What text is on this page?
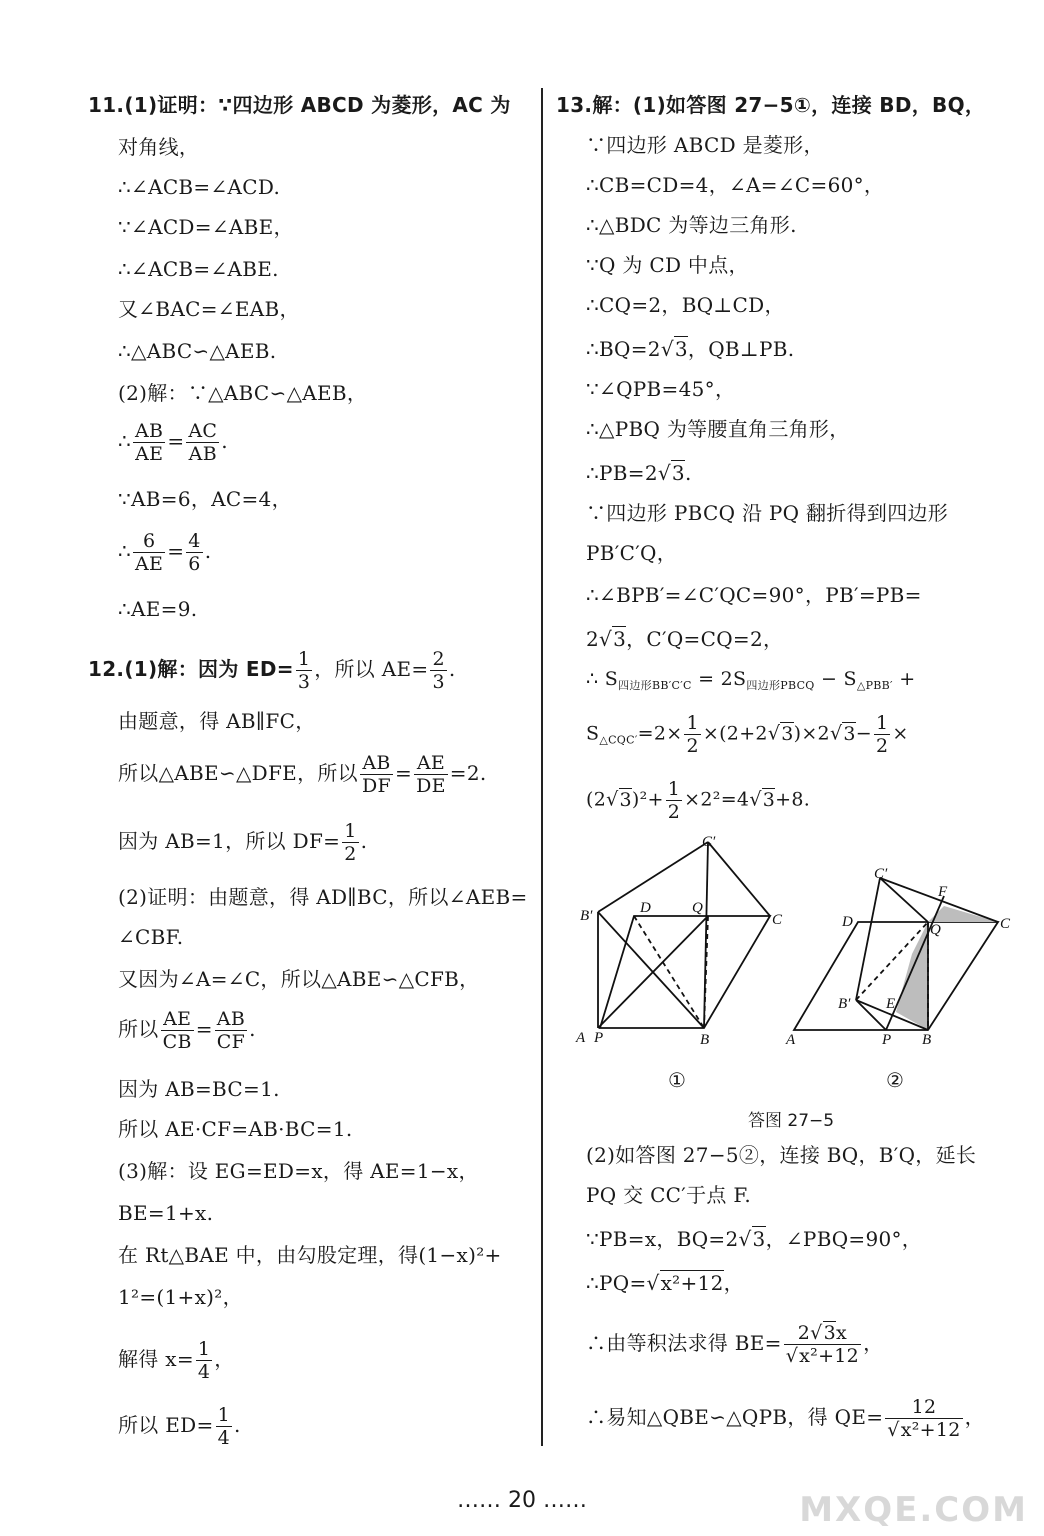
11.(1)证明：∵四边形 ABCD 为菱形，AC 为
对角线，
∴∠ACB=∠ACD.
∵∠ACD=∠ABE，
∴∠ACB=∠ABE.
又∠BAC=∠EAB，
∴△ABC∽△AEB.
(2)解：∵△ABC∽△AEB，
∴ $\frac{AB}{AE} = \frac{AC}{AB}$ .
∵AB=6，AC=4，
∴ $\frac{6}{AE} = \frac{4}{6}$ .
∴AE=9.
12.(1)解：因为 $ED= \frac{1}{3}$ ，所以 $AE= \frac{2}{3}$ .
由题意，得 AB∥FC，
所以△ABE∽△DFE，所以 $\frac{AB}{DF} = \frac{AE}{DE} =2$.
因为 AB=1，所以 $DF= \frac{1}{2}$ .
(2)证明：由题意，得 AD∥BC，所以∠AEB=
∠CBF.
又因为∠A=∠C，所以△ABE∽△CFB，
所以 $\frac{AE}{CB} = \frac{AB}{CF}$ .
因为 AB=BC=1.
所以 AE·CF=AB·BC=1.
(3)解：设 EG=ED=x，得 AE=1−x，
BE=1+x.
在 Rt△BAE 中，由勾股定理，得(1−x)²+
1²=(1+x)²，
解得 $x= \frac{1}{4}$ ，
所以 $ED= \frac{1}{4}$ .
13.解：(1)如答图 27−5①，连接 BD，BQ，
∵四边形 ABCD 是菱形，
∴CB=CD=4，∠A=∠C=60°，
∴△BDC 为等边三角形.
∵Q 为 CD 中点，
∴CQ=2，BQ⊥CD，
∴BQ=2√3，QB⊥PB.
∵∠QPB=45°，
∴△PBQ 为等腰直角三角形，
∴PB=2√3.
∵四边形 PBCQ 沿 PQ 翻折得到四边形
PB′C′Q，
∴∠BPB′=∠C′QC=90°，PB′=PB=
2√3，C′Q=CQ=2，
∴ $S_{四边形BB'C'C} = 2S_{四边形PBCQ} - S_{\triangle PBB'}$ +
$S_{\triangle CQC'}=2\times \frac{1}{2} \times(2+2√3)\times 2√3- \frac{1}{2}$ ×
$(2√3)^2+ \frac{1}{2} \times 2^2=4√3+8$.
A P	B
C
D	Q
B′
C′
A	P B
C
D	Q
B′
C′
E
F
①	②
答图 27−5
(2)如答图 27−5②，连接 BQ，B′Q，延长
PQ 交 CC′于点 F.
∵PB=x，BQ=2√3，∠PBQ=90°，
∴PQ=√x²+12，
∴由等积法求得 $BE= \frac{2√3x}{\text{√x²+12}}$ ，
∴易知△QBE∽△QPB，得 $QE= \frac{12}{\text{√x²+12}}$ ，
…… 20 ……	MXQE.COM
